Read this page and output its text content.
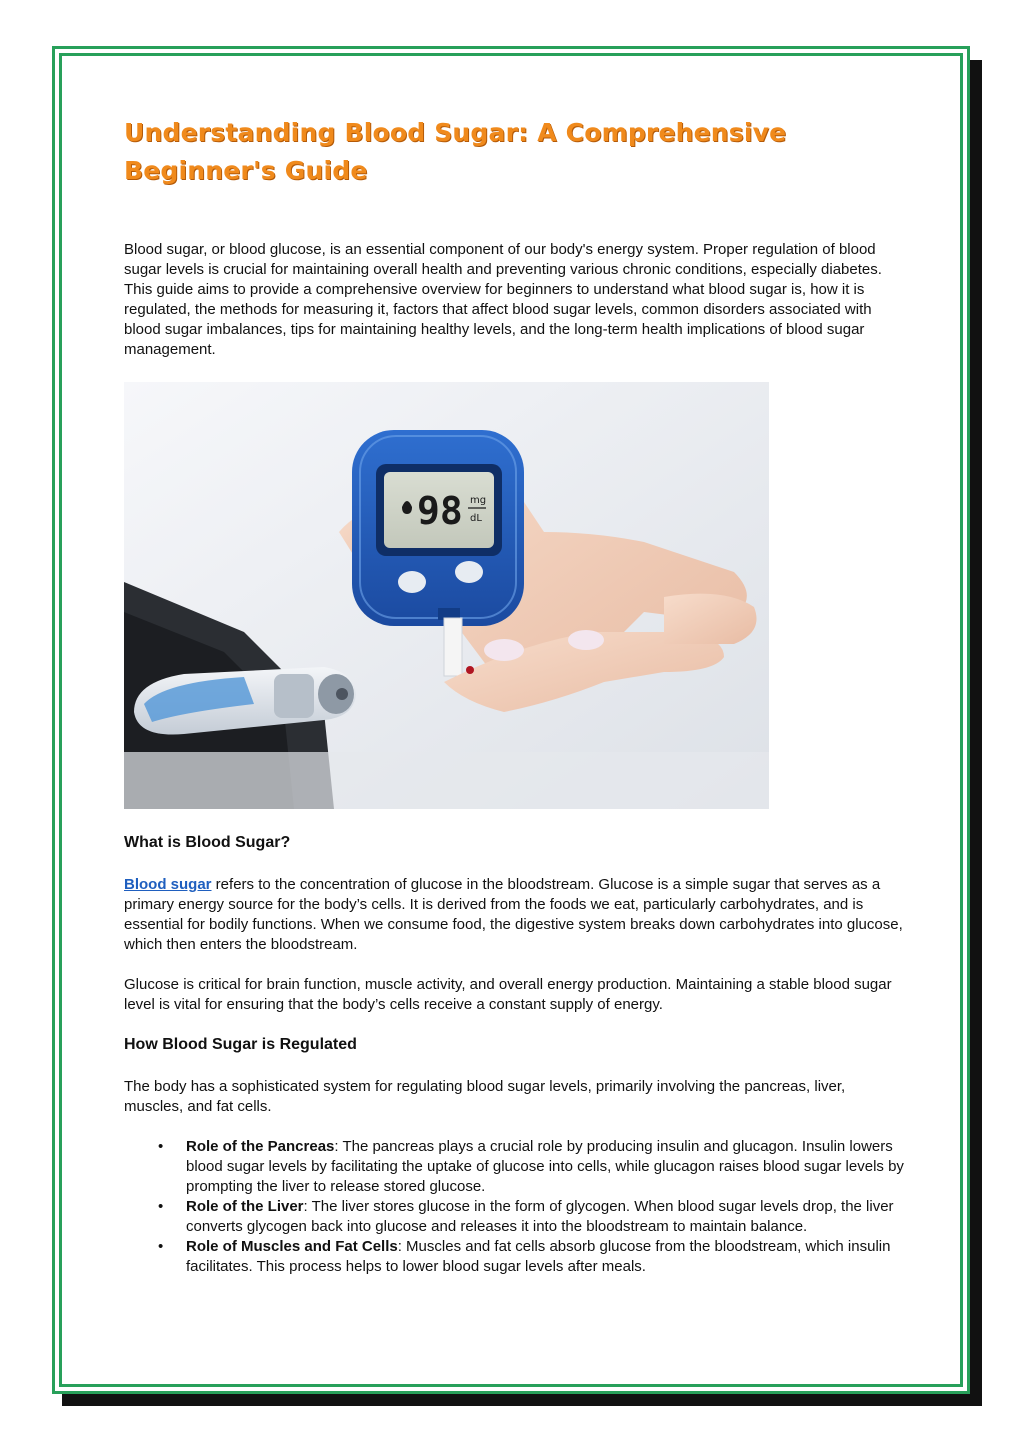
Understanding Blood Sugar: A Comprehensive Beginner's Guide

Blood sugar, or blood glucose, is an essential component of our body's energy system. Proper regulation of blood sugar levels is crucial for maintaining overall health and preventing various chronic conditions, especially diabetes. This guide aims to provide a comprehensive overview for beginners to understand what blood sugar is, how it is regulated, the methods for measuring it, factors that affect blood sugar levels, common disorders associated with blood sugar imbalances, tips for maintaining healthy levels, and the long-term health implications of blood sugar management.

98 mg
dL
What is Blood Sugar?

Blood sugar refers to the concentration of glucose in the bloodstream. Glucose is a simple sugar that serves as a primary energy source for the body’s cells. It is derived from the foods we eat, particularly carbohydrates, and is essential for bodily functions. When we consume food, the digestive system breaks down carbohydrates into glucose, which then enters the bloodstream.

Glucose is critical for brain function, muscle activity, and overall energy production. Maintaining a stable blood sugar level is vital for ensuring that the body’s cells receive a constant supply of energy.

How Blood Sugar is Regulated

The body has a sophisticated system for regulating blood sugar levels, primarily involving the pancreas, liver, muscles, and fat cells.

• Role of the Pancreas: The pancreas plays a crucial role by producing insulin and glucagon. Insulin lowers blood sugar levels by facilitating the uptake of glucose into cells, while glucagon raises blood sugar levels by prompting the liver to release stored glucose.
• Role of the Liver: The liver stores glucose in the form of glycogen. When blood sugar levels drop, the liver converts glycogen back into glucose and releases it into the bloodstream to maintain balance.
• Role of Muscles and Fat Cells: Muscles and fat cells absorb glucose from the bloodstream, which insulin facilitates. This process helps to lower blood sugar levels after meals.
